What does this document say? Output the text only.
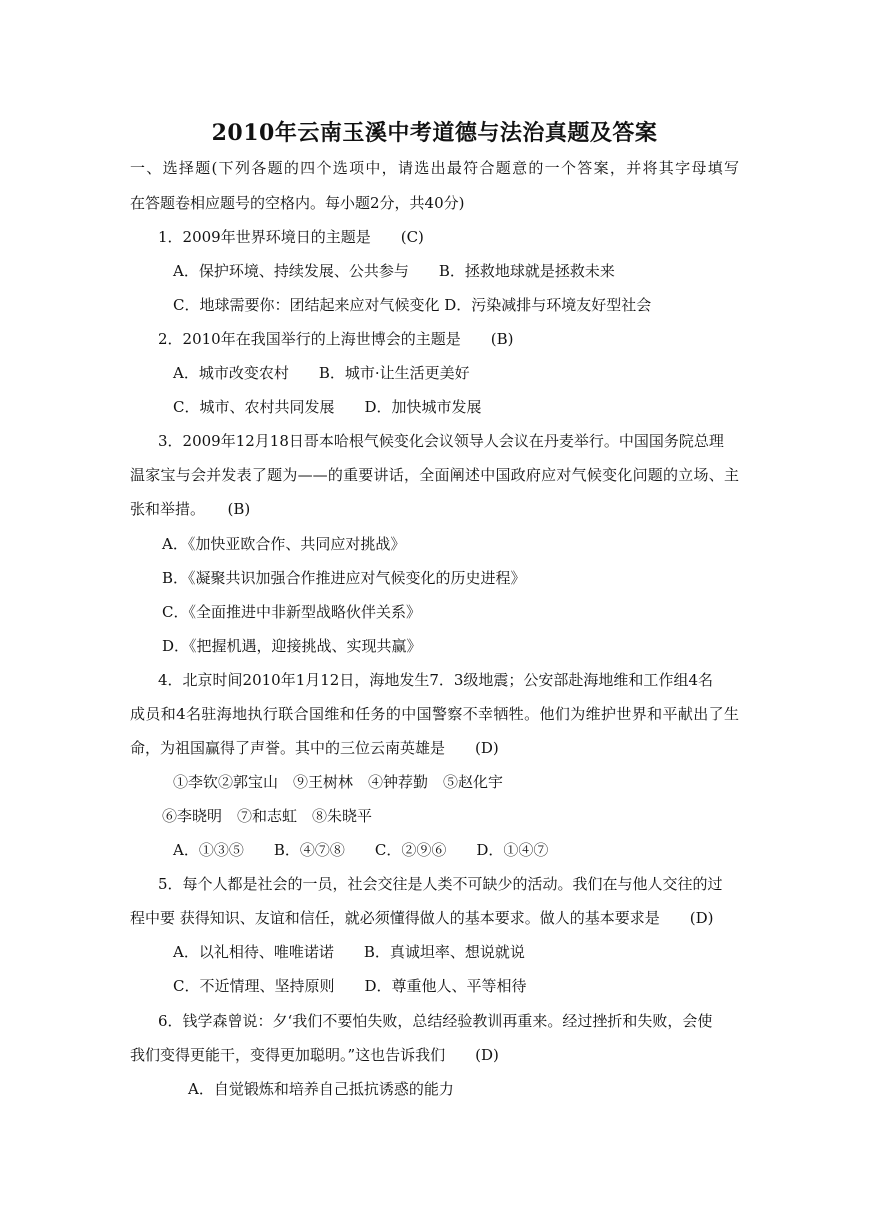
2010年云南玉溪中考道德与法治真题及答案
一、选择题(下列各题的四个选项中，请选出最符合题意的一个答案，并将其字母填写
在答题卷相应题号的空格内。每小题2分，共40分)
1．2009年世界环境日的主题是　　(C)
A．保护环境、持续发展、公共参与　　B．拯救地球就是拯救未来
C．地球需要你：团结起来应对气候变化 D．污染减排与环境友好型社会
2．2010年在我国举行的上海世博会的主题是　　(B)
A．城市改变农村　　B．城市·让生活更美好
C．城市、农村共同发展　　D．加快城市发展
3．2009年12月18日哥本哈根气候变化会议领导人会议在丹麦举行。中国国务院总理
温家宝与会并发表了题为——的重要讲话，全面阐述中国政府应对气候变化问题的立场、主
张和举措。　　(B)
A．《加快亚欧合作、共同应对挑战》
B．《凝聚共识加强合作推进应对气候变化的历史进程》
C．《全面推进中非新型战略伙伴关系》
D．《把握机遇，迎接挑战、实现共赢》
4．北京时间2010年1月12日，海地发生7．3级地震；公安部赴海地维和工作组4名
成员和4名驻海地执行联合国维和任务的中国警察不幸牺牲。他们为维护世界和平献出了生
命，为祖国赢得了声誉。其中的三位云南英雄是　　(D)
①李钦②郭宝山　⑨王树林　④钟荐勤　⑤赵化宇
⑥李晓明　⑦和志虹　⑧朱晓平
A．①③⑤　　B．④⑦⑧　　C．②⑨⑥　　D．①④⑦
5．每个人都是社会的一员，社会交往是人类不可缺少的活动。我们在与他人交往的过
程中要 获得知识、友谊和信任，就必须懂得做人的基本要求。做人的基本要求是　　(D)
A．以礼相待、唯唯诺诺　　B．真诚坦率、想说就说
C．不近情理、坚持原则　　D．尊重他人、平等相待
6．钱学森曾说：夕‘我们不要怕失败，总结经验教训再重来。经过挫折和失败，会使
我们变得更能干，变得更加聪明。”这也告诉我们　　(D)
A．自觉锻炼和培养自己抵抗诱惑的能力
